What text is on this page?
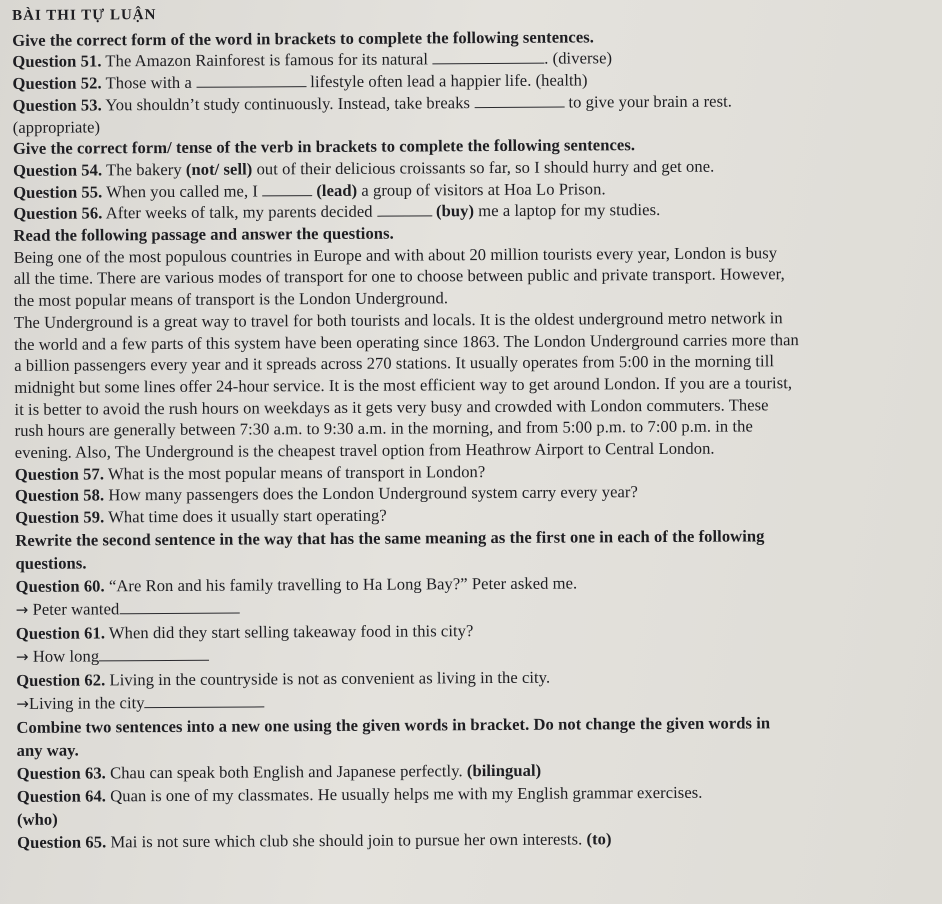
BÀI THI TỰ LUẬN
Give the correct form of the word in brackets to complete the following sentences.
Question 51. The Amazon Rainforest is famous for its natural	. (diverse)
Question 52. Those with a	lifestyle often lead a happier life. (health)
Question 53. You shouldn’t study continuously. Instead, take breaks	to give your brain a rest.
(appropriate)
Give the correct form/ tense of the verb in brackets to complete the following sentences.
Question 54. The bakery (not/ sell) out of their delicious croissants so far, so I should hurry and get one.
Question 55. When you called me, I	(lead) a group of visitors at Hoa Lo Prison.
Question 56. After weeks of talk, my parents decided	(buy) me a laptop for my studies.
Read the following passage and answer the questions.
Being one of the most populous countries in Europe and with about 20 million tourists every year, London is busy
all the time. There are various modes of transport for one to choose between public and private transport. However,
the most popular means of transport is the London Underground.
The Underground is a great way to travel for both tourists and locals. It is the oldest underground metro network in
the world and a few parts of this system have been operating since 1863. The London Underground carries more than
a billion passengers every year and it spreads across 270 stations. It usually operates from 5:00 in the morning till
midnight but some lines offer 24-hour service. It is the most efficient way to get around London. If you are a tourist,
it is better to avoid the rush hours on weekdays as it gets very busy and crowded with London commuters. These
rush hours are generally between 7:30 a.m. to 9:30 a.m. in the morning, and from 5:00 p.m. to 7:00 p.m. in the
evening. Also, The Underground is the cheapest travel option from Heathrow Airport to Central London.
Question 57. What is the most popular means of transport in London?
Question 58. How many passengers does the London Underground system carry every year?
Question 59. What time does it usually start operating?
Rewrite the second sentence in the way that has the same meaning as the first one in each of the following
questions.
Question 60. “Are Ron and his family travelling to Ha Long Bay?” Peter asked me.
→ Peter wanted
Question 61. When did they start selling takeaway food in this city?
→ How long
Question 62. Living in the countryside is not as convenient as living in the city.
→Living in the city
Combine two sentences into a new one using the given words in bracket. Do not change the given words in
any way.
Question 63. Chau can speak both English and Japanese perfectly. (bilingual)
Question 64. Quan is one of my classmates. He usually helps me with my English grammar exercises.
(who)
Question 65. Mai is not sure which club she should join to pursue her own interests. (to)
